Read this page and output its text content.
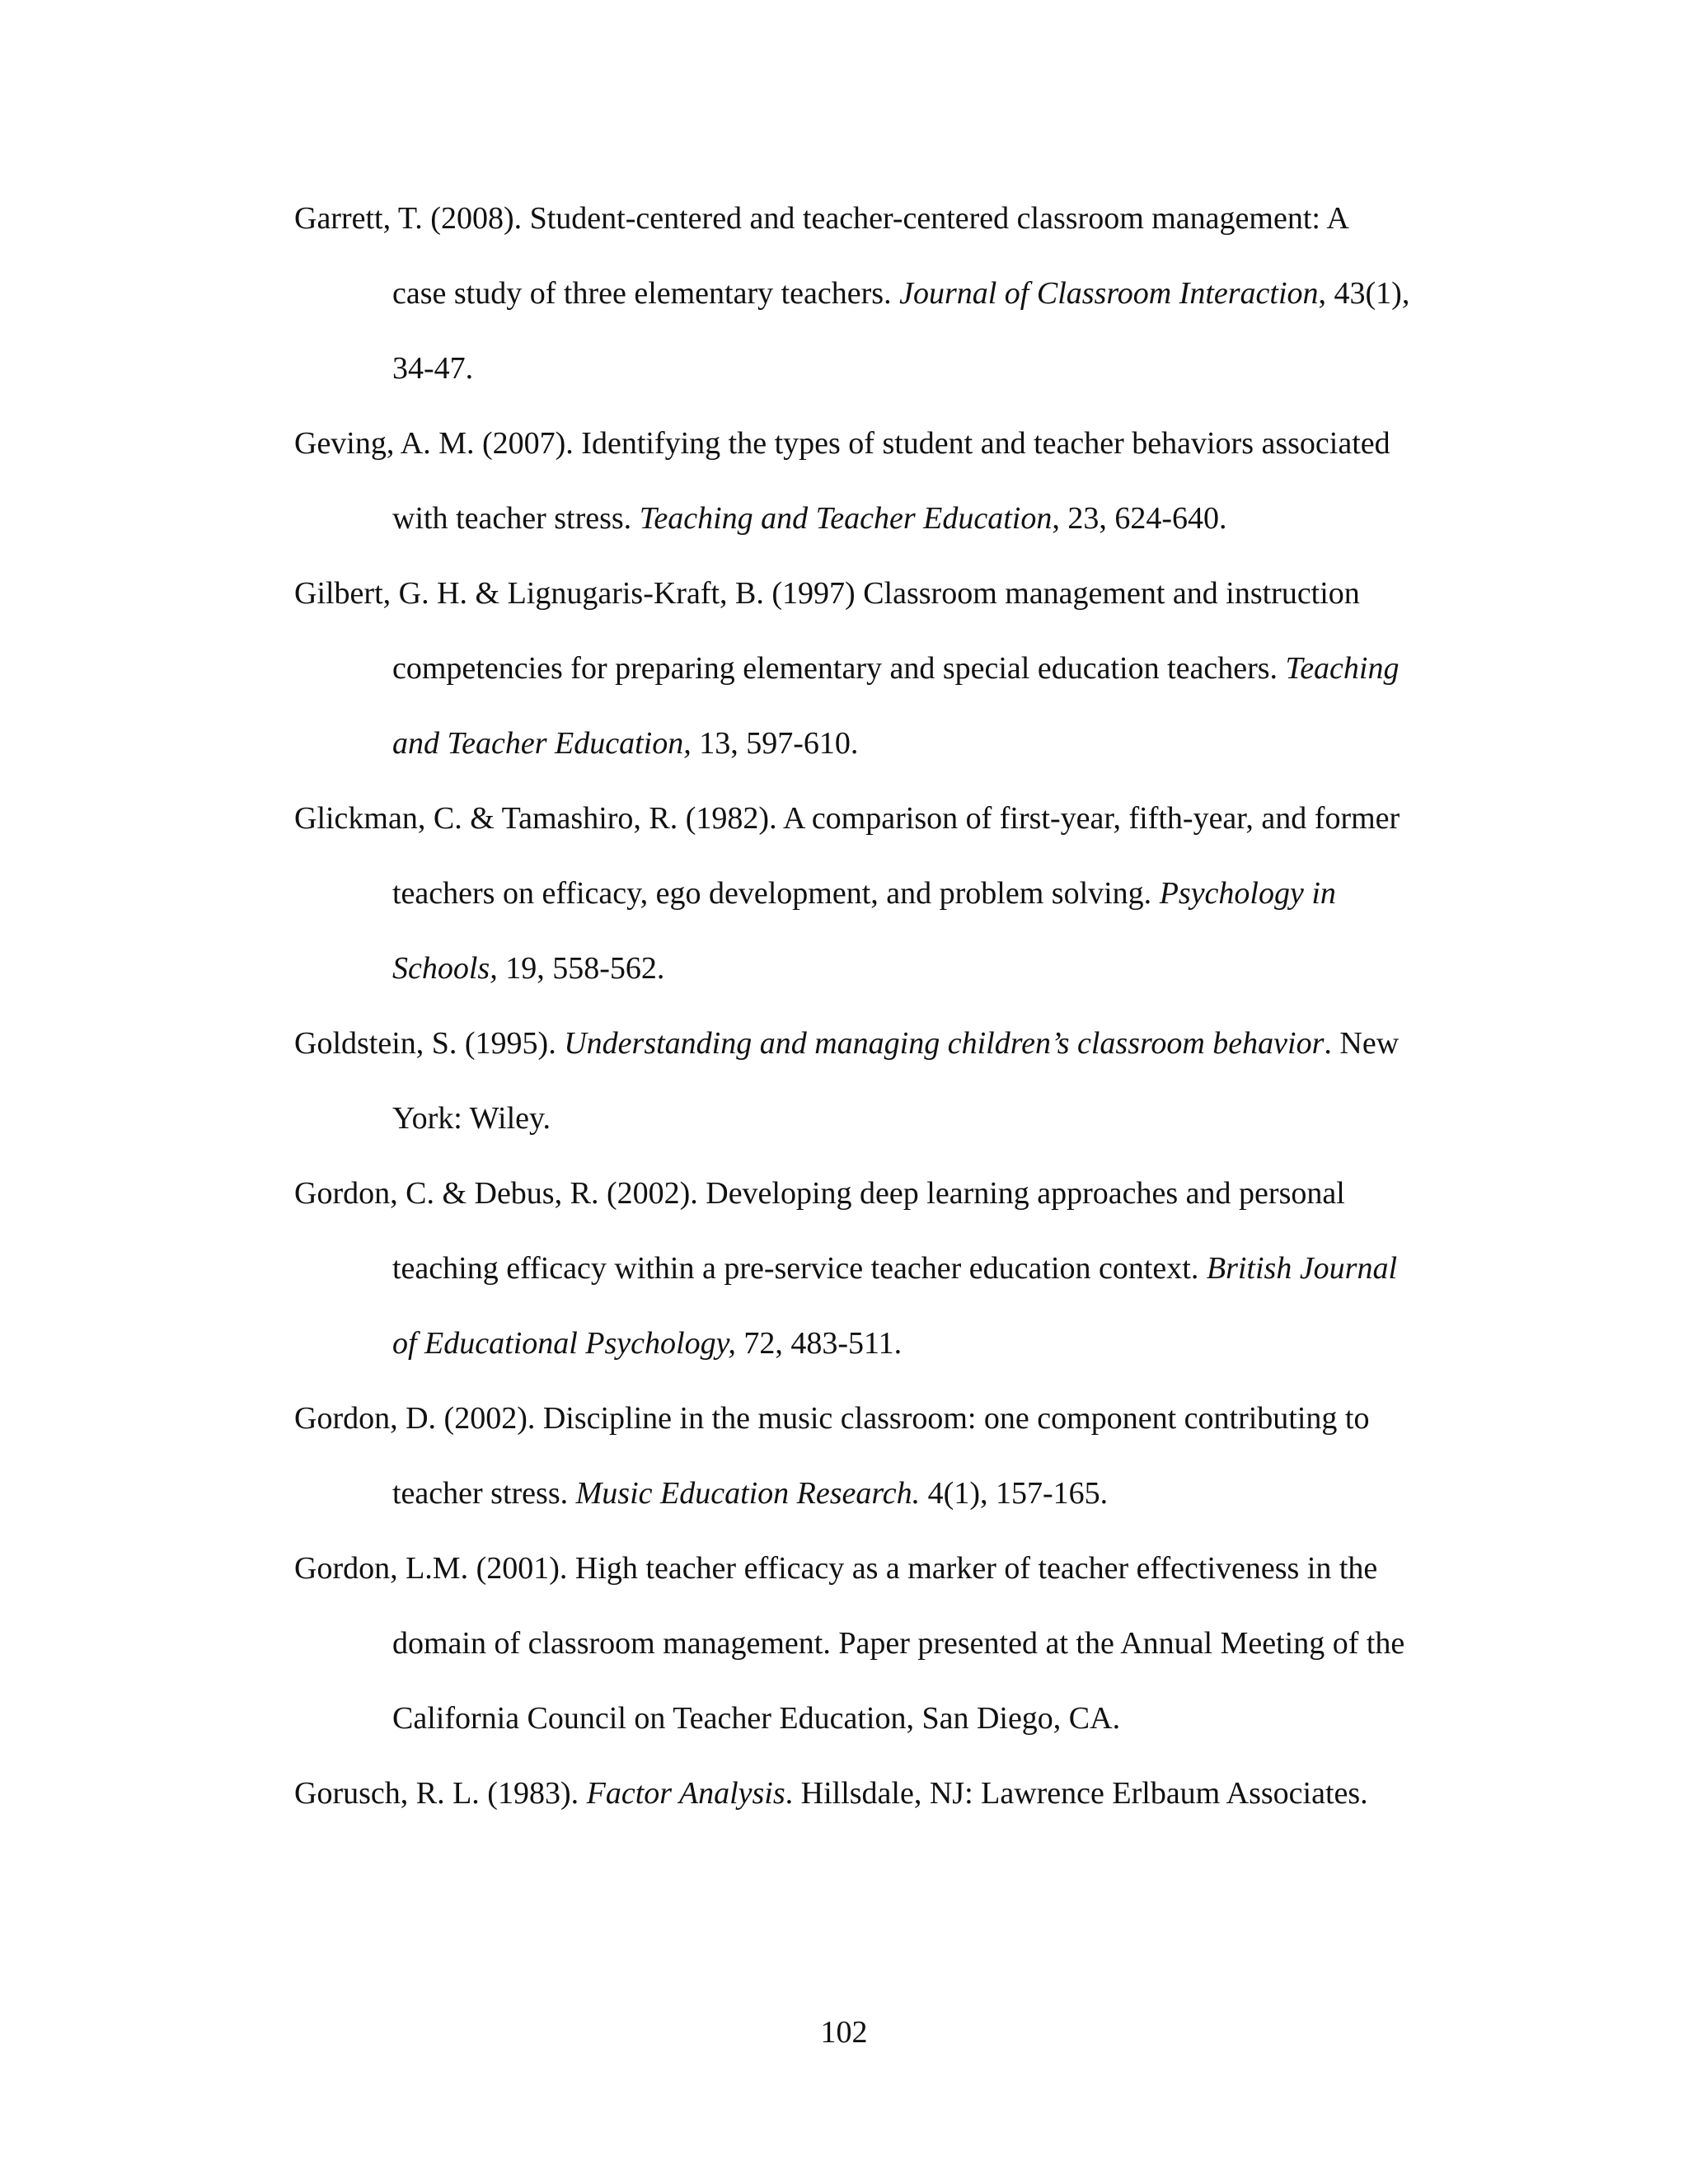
Garrett, T. (2008). Student-centered and teacher-centered classroom management: A
case study of three elementary teachers. Journal of Classroom Interaction, 43(1),
34-47.
Geving, A. M. (2007). Identifying the types of student and teacher behaviors associated
with teacher stress. Teaching and Teacher Education, 23, 624-640.
Gilbert, G. H. & Lignugaris-Kraft, B. (1997) Classroom management and instruction
competencies for preparing elementary and special education teachers. Teaching
and Teacher Education, 13, 597-610.
Glickman, C. & Tamashiro, R. (1982). A comparison of first-year, fifth-year, and former
teachers on efficacy, ego development, and problem solving. Psychology in
Schools, 19, 558-562.
Goldstein, S. (1995). Understanding and managing children’s classroom behavior. New
York: Wiley.
Gordon, C. & Debus, R. (2002). Developing deep learning approaches and personal
teaching efficacy within a pre-service teacher education context. British Journal
of Educational Psychology, 72, 483-511.
Gordon, D. (2002). Discipline in the music classroom: one component contributing to
teacher stress. Music Education Research. 4(1), 157-165.
Gordon, L.M. (2001). High teacher efficacy as a marker of teacher effectiveness in the
domain of classroom management. Paper presented at the Annual Meeting of the
California Council on Teacher Education, San Diego, CA.
Gorusch, R. L. (1983). Factor Analysis. Hillsdale, NJ: Lawrence Erlbaum Associates.
102
